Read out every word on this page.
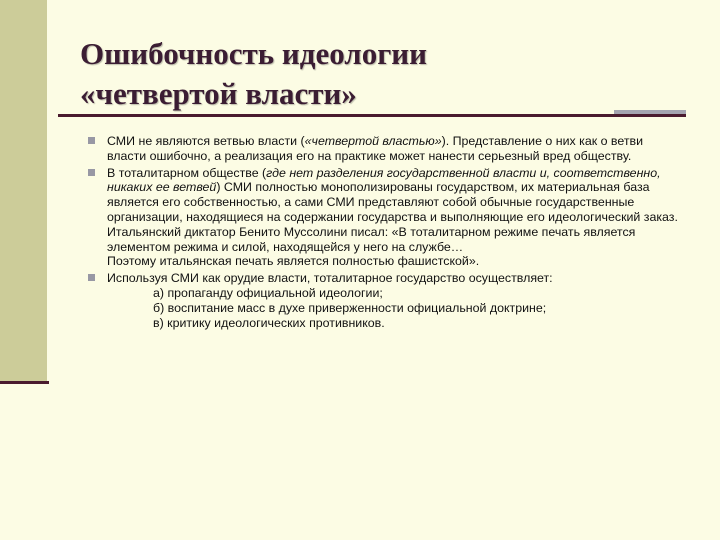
Ошибочность идеологии
«четвертой власти»
СМИ не являются ветвью власти («четвертой властью»). Представление о них как о ветви власти ошибочно, а реализация его на практике может нанести серьезный вред обществу.
В тоталитарном обществе (где нет разделения государственной власти и, соответственно, никаких ее ветвей) СМИ полностью монополизированы государством, их материальная база является его собственностью, а сами СМИ представляют собой обычные государственные организации, находящиеся на содержании государства и выполняющие его идеологический заказ.
Итальянский диктатор Бенито Муссолини писал: «В тоталитарном режиме печать является элементом режима и силой, находящейся у него на службе…
Поэтому итальянская печать является полностью фашистской».
Используя СМИ как орудие власти, тоталитарное государство осуществляет:
а) пропаганду официальной идеологии;
б) воспитание масс в духе приверженности официальной доктрине;
в) критику идеологических противников.
